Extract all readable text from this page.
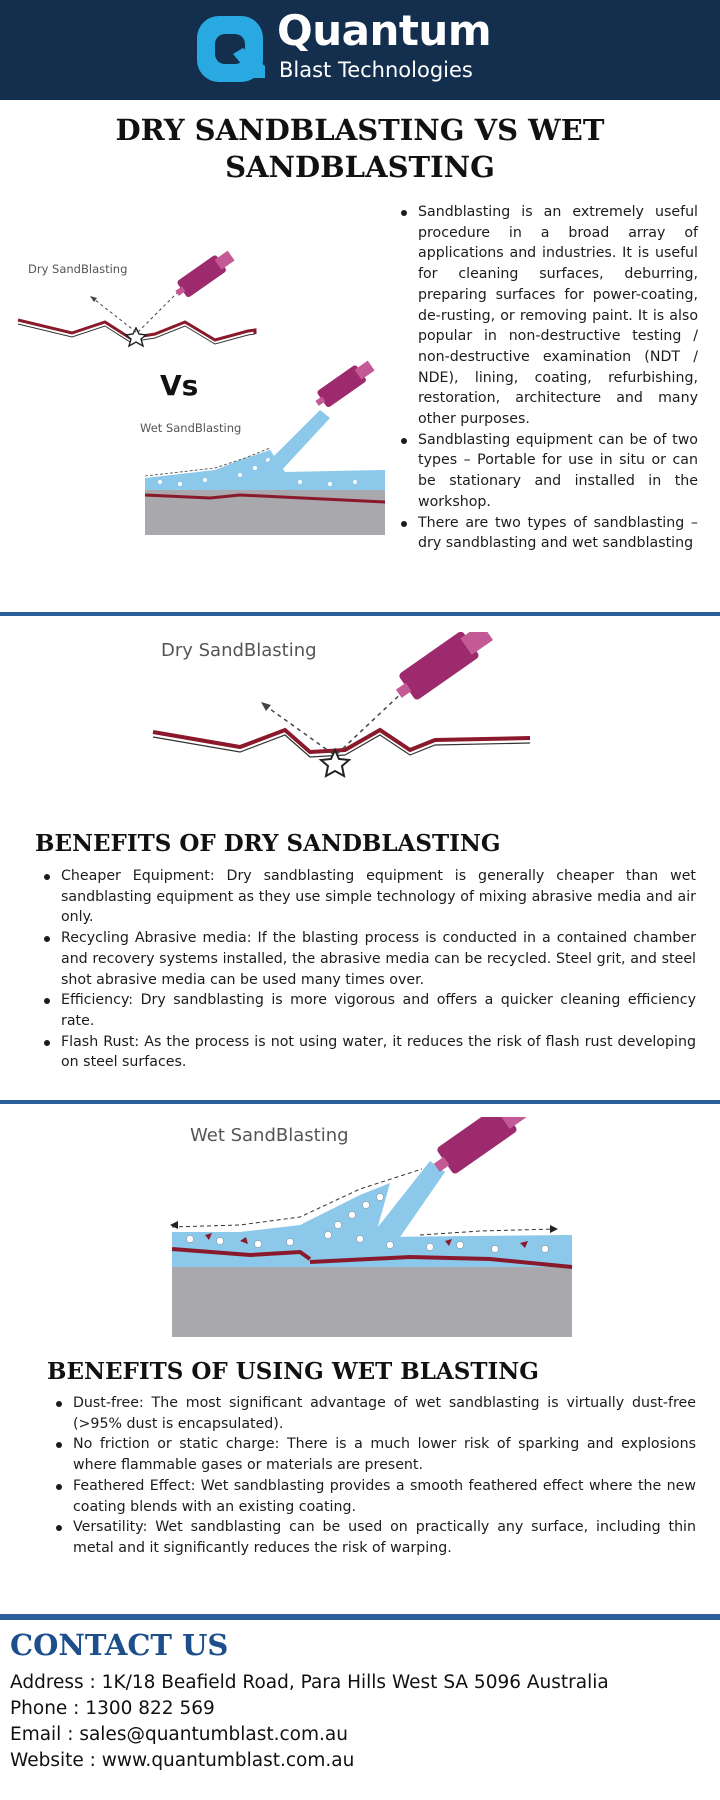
Quantum
Blast Technologies
DRY SANDBLASTING VS WET SANDBLASTING
Dry SandBlasting
Vs
Wet SandBlasting
Sandblasting is an extremely useful procedure in a broad array of applications and industries. It is useful for cleaning surfaces, deburring, preparing surfaces for power-coating, de-rusting, or removing paint. It is also popular in non-destructive testing / non-destructive examination (NDT / NDE), lining, coating, refurbishing, restoration, architecture and many other purposes.
Sandblasting equipment can be of two types – Portable for use in situ or can be stationary and installed in the workshop.
There are two types of sandblasting – dry sandblasting and wet sandblasting
Dry SandBlasting
BENEFITS OF DRY SANDBLASTING
Cheaper Equipment: Dry sandblasting equipment is generally cheaper than wet sandblasting equipment as they use simple technology of mixing abrasive media and air only.
Recycling Abrasive media: If the blasting process is conducted in a contained chamber and recovery systems installed, the abrasive media can be recycled. Steel grit, and steel shot abrasive media can be used many times over.
Efficiency: Dry sandblasting is more vigorous and offers a quicker cleaning efficiency rate.
Flash Rust: As the process is not using water, it reduces the risk of flash rust developing on steel surfaces.
Wet SandBlasting
BENEFITS OF USING WET BLASTING
Dust-free: The most significant advantage of wet sandblasting is virtually dust-free (>95% dust is encapsulated).
No friction or static charge: There is a much lower risk of sparking and explosions where flammable gases or materials are present.
Feathered Effect: Wet sandblasting provides a smooth feathered effect where the new coating blends with an existing coating.
Versatility: Wet sandblasting can be used on practically any surface, including thin metal and it significantly reduces the risk of warping.
CONTACT US
Address : 1K/18 Beafield Road, Para Hills West SA 5096 Australia
Phone : 1300 822 569
Email : sales@quantumblast.com.au
Website : www.quantumblast.com.au
